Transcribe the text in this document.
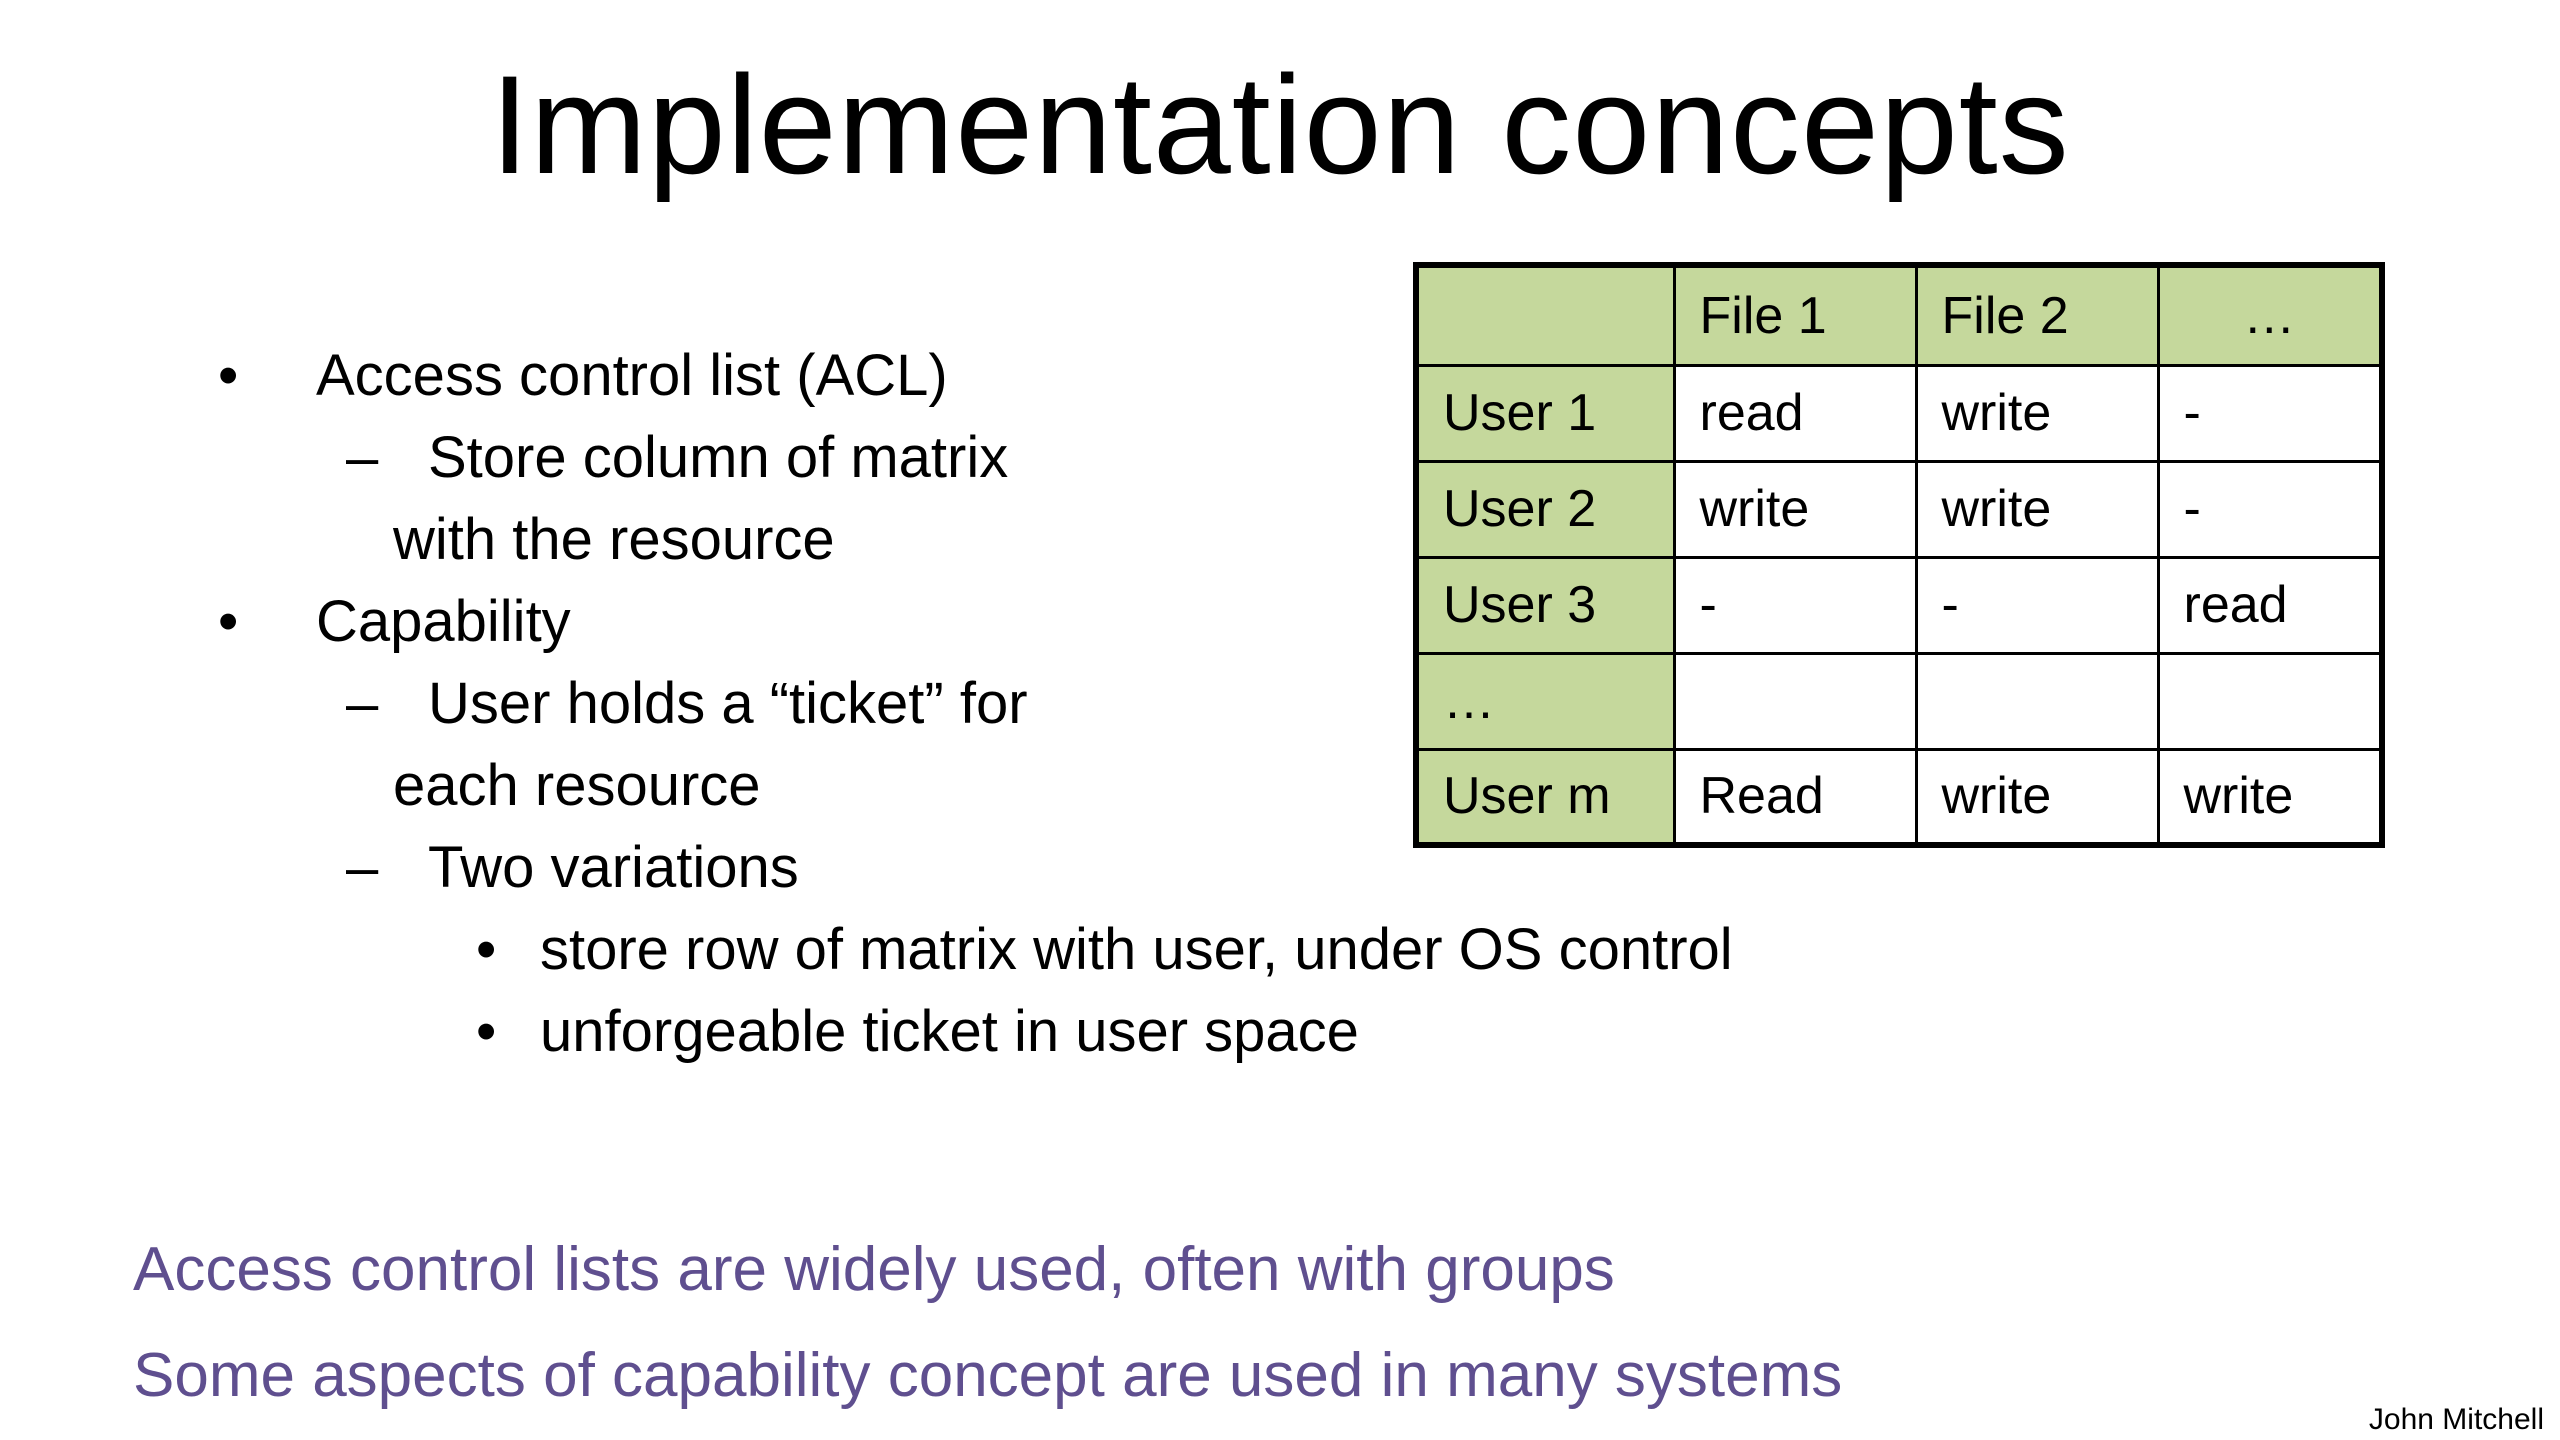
Implementation concepts
• Access control list (ACL)
– Store column of matrix
with the resource
• Capability
– User holds a “ticket” for
each resource
– Two variations
• store row of matrix with user, under OS control
• unforgeable ticket in user space
	File 1	File 2	…
User 1	read	write	-
User 2	write	write	-
User 3	-	-	read
…			
User m	Read	write	write
Access control lists are widely used, often with groups
Some aspects of capability concept are used in many systems
John Mitchell
